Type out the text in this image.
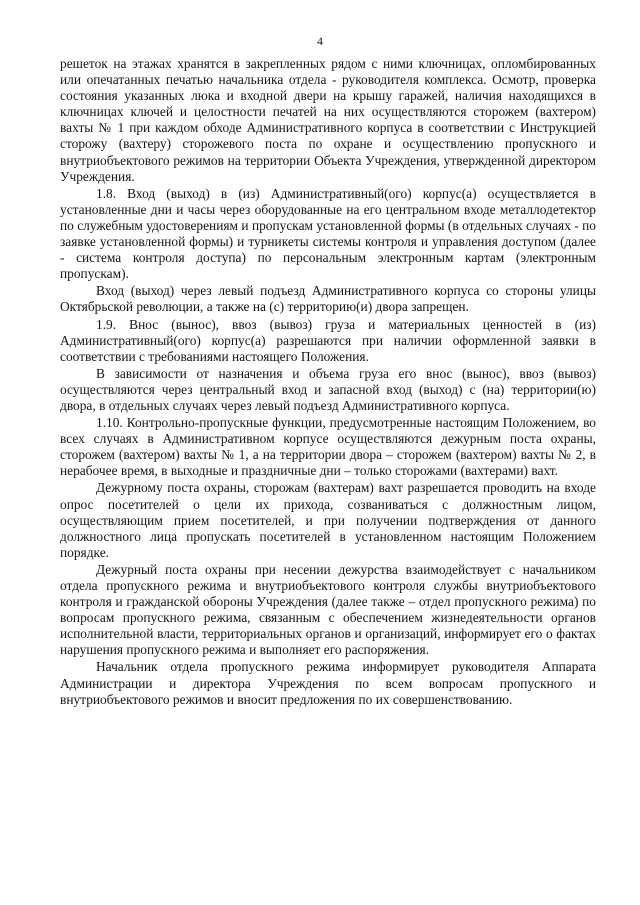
4

решеток на этажах хранятся в закрепленных рядом с ними ключницах, опломбированных или опечатанных печатью начальника отдела - руководителя комплекса. Осмотр, проверка состояния указанных люка и входной двери на крышу гаражей, наличия находящихся в ключницах ключей и целостности печатей на них осуществляются сторожем (вахтером) вахты № 1 при каждом обходе Административного корпуса в соответствии с Инструкцией сторожу (вахтеру) сторожевого поста по охране и осуществлению пропускного и внутриобъектового режимов на территории Объекта Учреждения, утвержденной директором Учреждения.

1.8. Вход (выход) в (из) Административный(ого) корпус(а) осуществляется в установленные дни и часы через оборудованные на его центральном входе металлодетектор по служебным удостоверениям и пропускам установленной формы (в отдельных случаях - по заявке установленной формы) и турникеты системы контроля и управления доступом (далее - система контроля доступа) по персональным электронным картам (электронным пропускам).

Вход (выход) через левый подъезд Административного корпуса со стороны улицы Октябрьской революции, а также на (с) территорию(и) двора запрещен.

1.9. Внос (вынос), ввоз (вывоз) груза и материальных ценностей в (из) Административный(ого) корпус(а) разрешаются при наличии оформленной заявки в соответствии с требованиями настоящего Положения.

В зависимости от назначения и объема груза его внос (вынос), ввоз (вывоз) осуществляются через центральный вход и запасной вход (выход) с (на) территории(ю) двора, в отдельных случаях через левый подъезд Административного корпуса.

1.10. Контрольно-пропускные функции, предусмотренные настоящим Положением, во всех случаях в Административном корпусе осуществляются дежурным поста охраны, сторожем (вахтером) вахты № 1, а на территории двора – сторожем (вахтером) вахты № 2, в нерабочее время, в выходные и праздничные дни – только сторожами (вахтерами) вахт.

Дежурному поста охраны, сторожам (вахтерам) вахт разрешается проводить на входе опрос посетителей о цели их прихода, созваниваться с должностным лицом, осуществляющим прием посетителей, и при получении подтверждения от данного должностного лица пропускать посетителей в установленном настоящим Положением порядке.

Дежурный поста охраны при несении дежурства взаимодействует с начальником отдела пропускного режима и внутриобъектового контроля службы внутриобъектового контроля и гражданской обороны Учреждения (далее также – отдел пропускного режима) по вопросам пропускного режима, связанным с обеспечением жизнедеятельности органов исполнительной власти, территориальных органов и организаций, информирует его о фактах нарушения пропускного режима и выполняет его распоряжения.

Начальник отдела пропускного режима информирует руководителя Аппарата Администрации и директора Учреждения по всем вопросам пропускного и внутриобъектового режимов и вносит предложения по их совершенствованию.
